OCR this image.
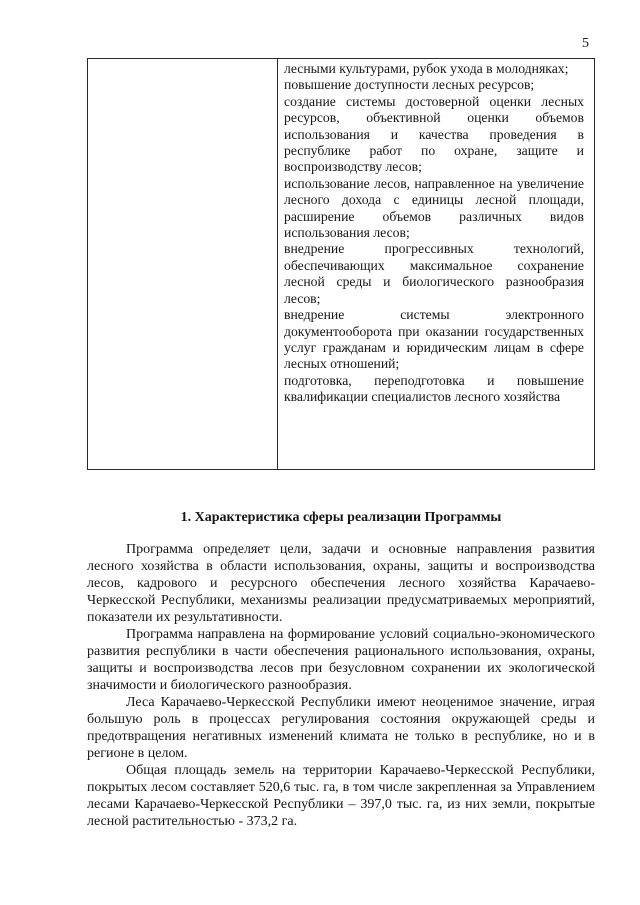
5
лесными культурами, рубок ухода в молодняках;
повышение доступности лесных ресурсов;
создание системы достоверной оценки лесных ресурсов, объективной оценки объемов использования и качества проведения в республике работ по охране, защите и воспроизводству лесов;
использование лесов, направленное на увеличение лесного дохода с единицы лесной площади, расширение объемов различных видов использования лесов;
внедрение прогрессивных технологий, обеспечивающих максимальное сохранение лесной среды и биологического разнообразия лесов;
внедрение системы электронного документооборота при оказании государственных услуг гражданам и юридическим лицам в сфере лесных отношений;
подготовка, переподготовка и повышение квалификации специалистов лесного хозяйства
1. Характеристика сферы реализации Программы

Программа определяет цели, задачи и основные направления развития лесного хозяйства в области использования, охраны, защиты и воспроизводства лесов, кадрового и ресурсного обеспечения лесного хозяйства Карачаево-Черкесской Республики, механизмы реализации предусматриваемых мероприятий, показатели их результативности.

Программа направлена на формирование условий социально-экономического развития республики в части обеспечения рационального использования, охраны, защиты и воспроизводства лесов при безусловном сохранении их экологической значимости и биологического разнообразия.

Леса Карачаево-Черкесской Республики имеют неоценимое значение, играя большую роль в процессах регулирования состояния окружающей среды и предотвращения негативных изменений климата не только в республике, но и в регионе в целом.

Общая площадь земель на территории Карачаево-Черкесской Республики, покрытых лесом составляет 520,6 тыс. га, в том числе закрепленная за Управлением лесами Карачаево-Черкесской Республики – 397,0 тыс. га, из них земли, покрытые лесной растительностью - 373,2 га.
